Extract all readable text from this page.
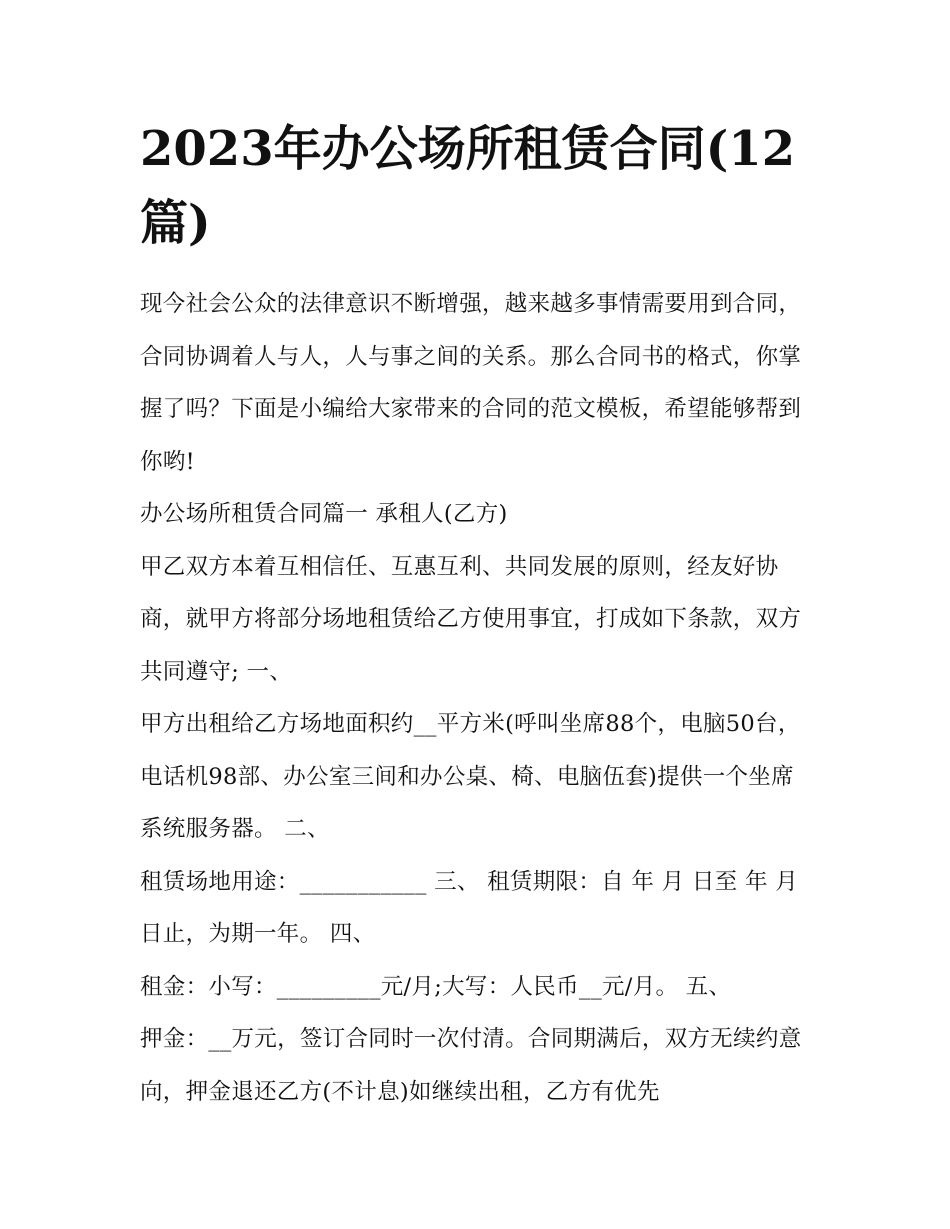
2023年办公场所租赁合同(12篇)

现今社会公众的法律意识不断增强，越来越多事情需要用到合同，合同协调着人与人，人与事之间的关系。那么合同书的格式，你掌握了吗？下面是小编给大家带来的合同的范文模板，希望能够帮到你哟!

办公场所租赁合同篇一 承租人(乙方)

甲乙双方本着互相信任、互惠互利、共同发展的原则，经友好协商，就甲方将部分场地租赁给乙方使用事宜，打成如下条款，双方共同遵守; 一、

甲方出租给乙方场地面积约__平方米(呼叫坐席88个，电脑50台，电话机98部、办公室三间和办公桌、椅、电脑伍套)提供一个坐席系统服务器。 二、

租赁场地用途：___________ 三、 租赁期限：自 年 月 日至 年 月 日止，为期一年。 四、

租金：小写：_________元/月;大写：人民币__元/月。 五、

押金：__万元，签订合同时一次付清。合同期满后，双方无续约意向，押金退还乙方(不计息)如继续出租，乙方有优先
